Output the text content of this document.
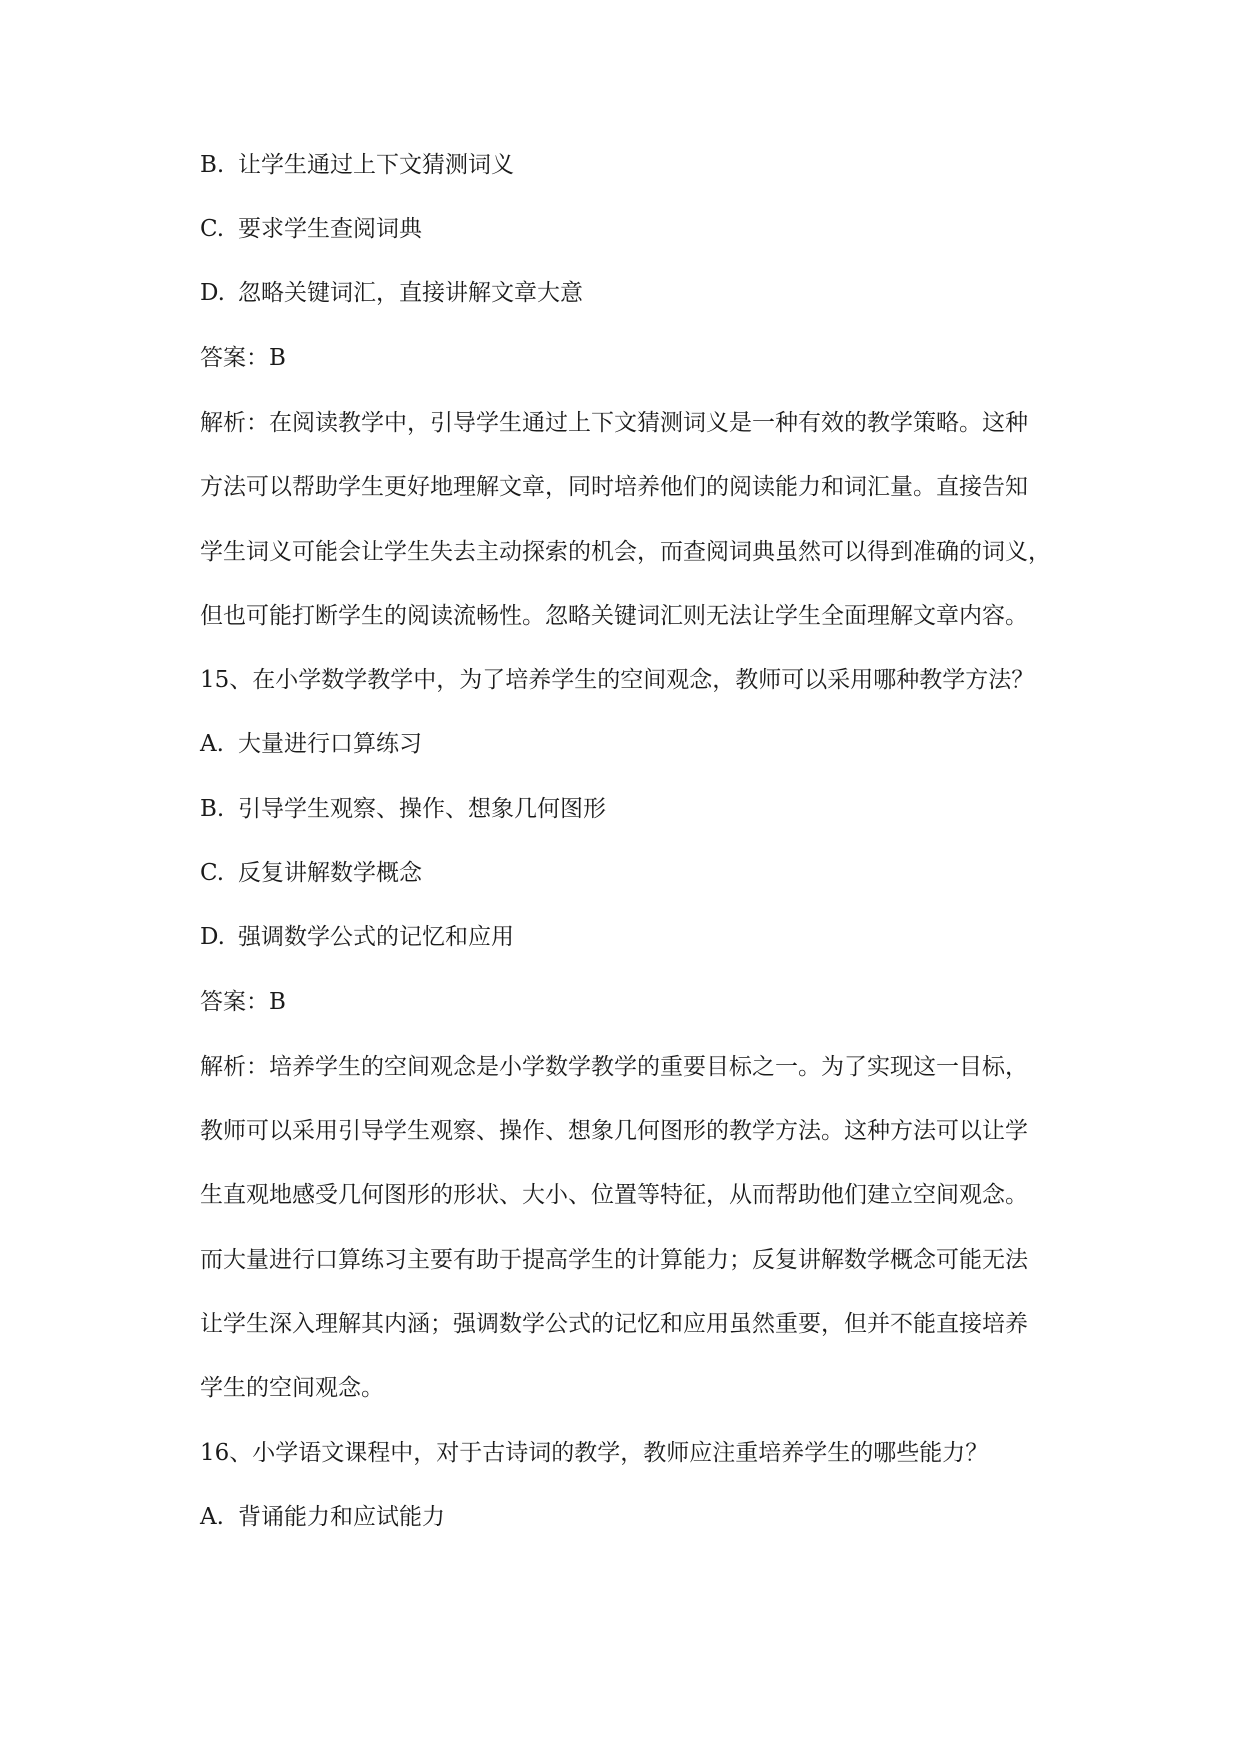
B. 让学生通过上下文猜测词义
C. 要求学生查阅词典
D. 忽略关键词汇，直接讲解文章大意
答案：B
解析：在阅读教学中，引导学生通过上下文猜测词义是一种有效的教学策略。这种
方法可以帮助学生更好地理解文章，同时培养他们的阅读能力和词汇量。直接告知
学生词义可能会让学生失去主动探索的机会，而查阅词典虽然可以得到准确的词义，
但也可能打断学生的阅读流畅性。忽略关键词汇则无法让学生全面理解文章内容。
15、在小学数学教学中，为了培养学生的空间观念，教师可以采用哪种教学方法？
A. 大量进行口算练习
B. 引导学生观察、操作、想象几何图形
C. 反复讲解数学概念
D. 强调数学公式的记忆和应用
答案：B
解析：培养学生的空间观念是小学数学教学的重要目标之一。为了实现这一目标，
教师可以采用引导学生观察、操作、想象几何图形的教学方法。这种方法可以让学
生直观地感受几何图形的形状、大小、位置等特征，从而帮助他们建立空间观念。
而大量进行口算练习主要有助于提高学生的计算能力；反复讲解数学概念可能无法
让学生深入理解其内涵；强调数学公式的记忆和应用虽然重要，但并不能直接培养
学生的空间观念。
16、小学语文课程中，对于古诗词的教学，教师应注重培养学生的哪些能力？
A. 背诵能力和应试能力
